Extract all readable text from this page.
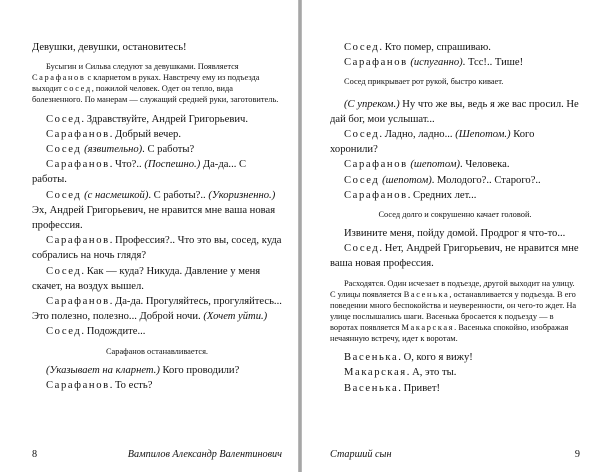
Девушки, девушки, остановитесь!

Бусыгин и Сильва следуют за девушками. Появляется Сарафанов с кларнетом в руках. Навстречу ему из подъезда выходит сосед, пожилой человек. Одет он тепло, вида болезненного. По манерам — служащий средней руки, заготовитель.

Сосед. Здравствуйте, Андрей Григорьевич.

Сарафанов. Добрый вечер.

Сосед (язвительно). С работы?

Сарафанов. Что?.. (Поспешно.) Да-да... С работы.

Сосед (с насмешкой). С работы?.. (Укоризненно.) Эх, Андрей Григорьевич, не нравится мне ваша новая профессия.

Сарафанов. Профессия?.. Что это вы, сосед, куда собрались на ночь глядя?

Сосед. Как — куда? Никуда. Давление у меня скачет, на воздух вышел.

Сарафанов. Да-да. Прогуляйтесь, прогуляйтесь... Это полезно, полезно... Доброй ночи. (Хочет уйти.)

Сосед. Подождите...

Сарафанов останавливается.

(Указывает на кларнет.) Кого проводили?

Сарафанов. То есть?

8	Вампилов Александр Валентинович

Сосед. Кто помер, спрашиваю.

Сарафанов (испуганно). Тсс!.. Тише!

Сосед прикрывает рот рукой, быстро кивает.

(С упреком.) Ну что же вы, ведь я же вас просил. Не дай бог, мои услышат...

Сосед. Ладно, ладно... (Шепотом.) Кого хоронили?

Сарафанов (шепотом). Человека.

Сосед (шепотом). Молодого?.. Старого?..

Сарафанов. Средних лет...

Сосед долго и сокрушенно качает головой.

Извините меня, пойду домой. Продрог я что-то...

Сосед. Нет, Андрей Григорьевич, не нравится мне ваша новая профессия.

Расходятся. Один исчезает в подъезде, другой выходит на улицу. С улицы появляется Васенька, останавливается у подъезда. В его поведении много беспокойства и неуверенности, он чего-то ждет. На улице послышались шаги. Васенька бросается к подъезду — в воротах появляется Макарская. Васенька спокойно, изображая нечаянную встречу, идет к воротам.

Васенька. О, кого я вижу!

Макарская. А, это ты.

Васенька. Привет!

Старший сын	9
